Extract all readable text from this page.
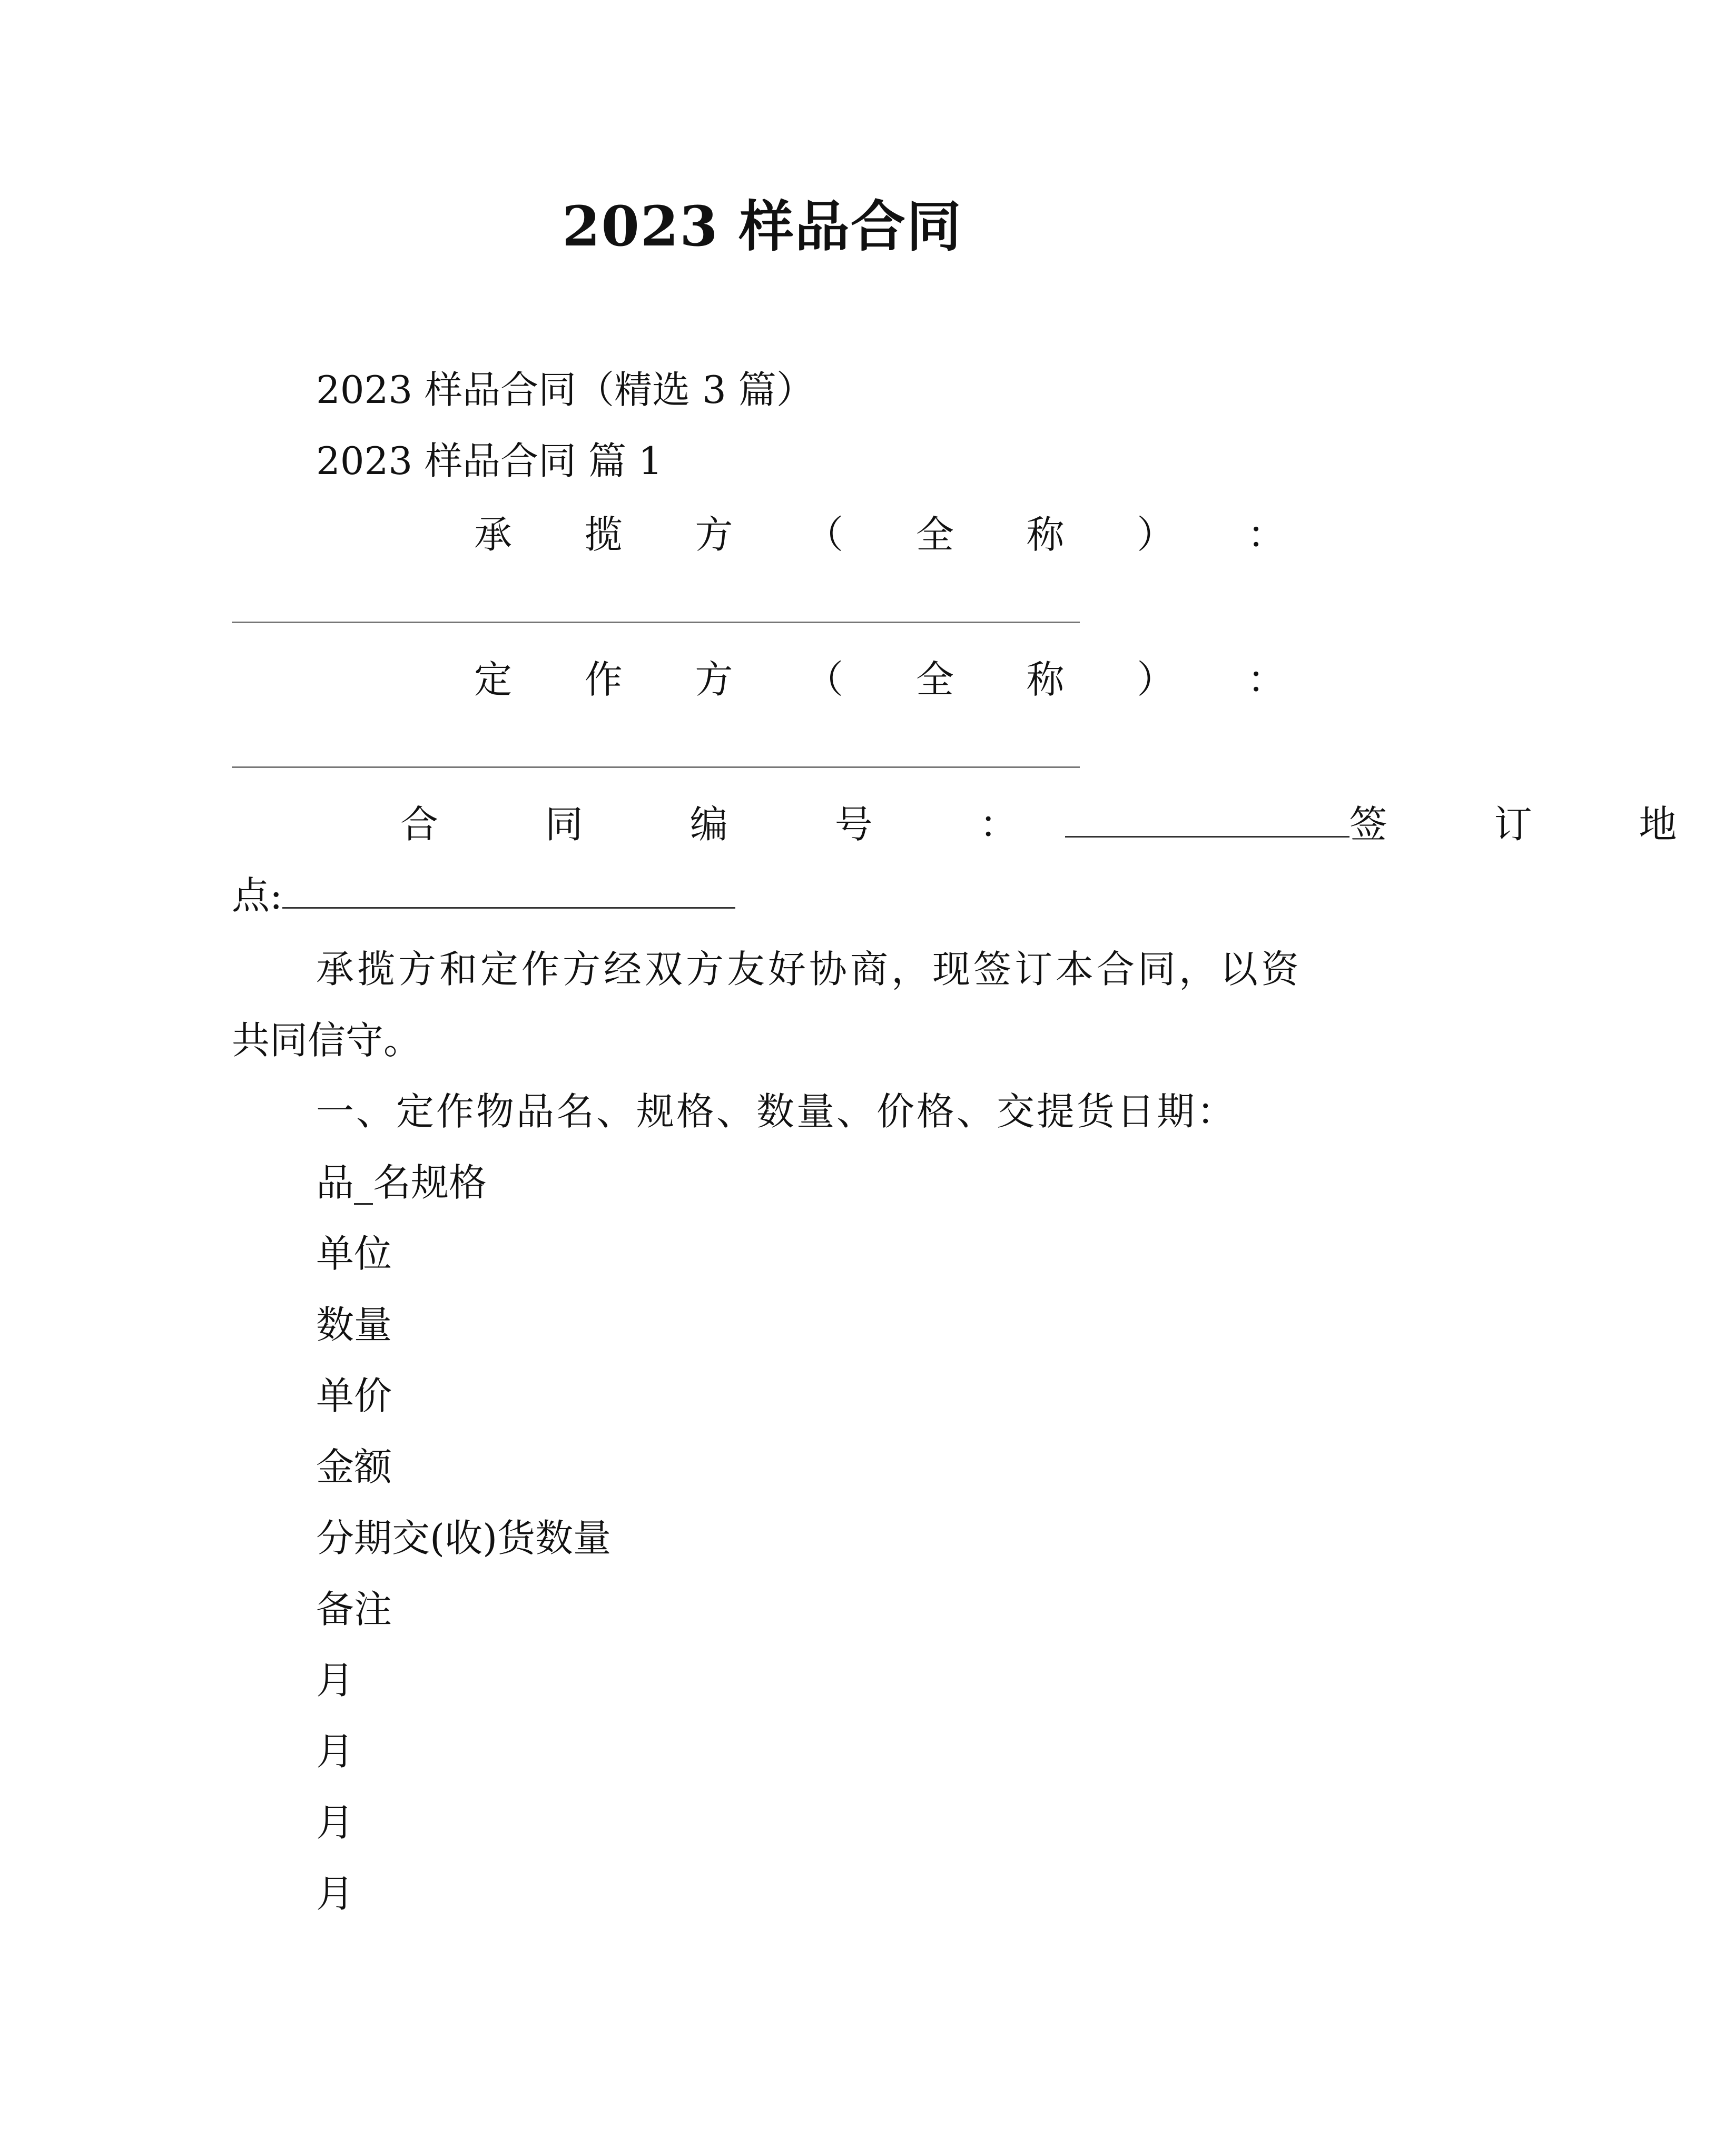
2023 样品合同
2023 样品合同（精选 3 篇）
2023 样品合同 篇 1
承 揽 方 （ 全 称 ） ：
定 作 方 （ 全 称 ） ：
合 同 编 号 ：	签 订 地
点:
承揽方和定作方经双方友好协商，现签订本合同，以资
共同信守。
一、定作物品名、规格、数量、价格、交提货日期：
品_名规格
单位
数量
单价
金额
分期交(收)货数量
备注
月
月
月
月
